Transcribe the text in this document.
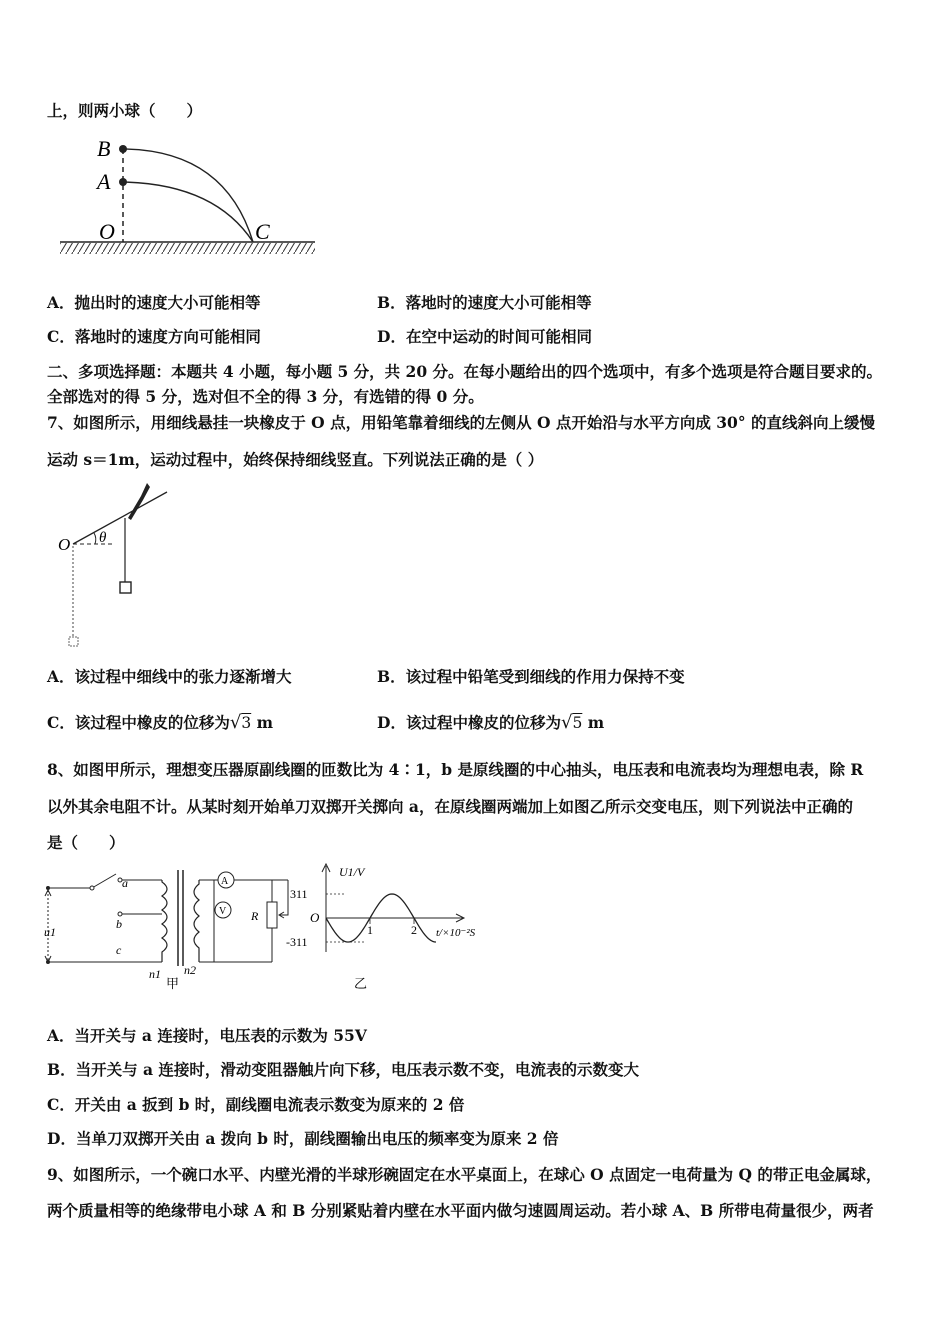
上，则两小球（　　）
B
A
O	C
A．抛出时的速度大小可能相等	B．落地时的速度大小可能相等
C．落地时的速度方向可能相同	D．在空中运动的时间可能相同
二、多项选择题：本题共 4 小题，每小题 5 分，共 20 分。在每小题给出的四个选项中，有多个选项是符合题目要求的。
全部选对的得 5 分，选对但不全的得 3 分，有选错的得 0 分。
7、如图所示，用细线悬挂一块橡皮于 O 点，用铅笔靠着细线的左侧从 O 点开始沿与水平方向成 30° 的直线斜向上缓慢
运动 s＝1m，运动过程中，始终保持细线竖直。下列说法正确的是（ ）
O θ
A．该过程中细线中的张力逐渐增大	B．该过程中铅笔受到细线的作用力保持不变
C．该过程中橡皮的位移为√3 m	D．该过程中橡皮的位移为√5 m
8、如图甲所示，理想变压器原副线圈的匝数比为 4∶1，b 是原线圈的中心抽头，电压表和电流表均为理想电表，除 R
以外其余电阻不计。从某时刻开始单刀双掷开关掷向 a，在原线圈两端加上如图乙所示交变电压，则下列说法中正确的
是（　　）
a
b
c
u1
n1 n2
A
V R
甲
U1/V
311
-311
O
1	2 t/×10⁻²S
乙
A．当开关与 a 连接时，电压表的示数为 55V
B．当开关与 a 连接时，滑动变阻器触片向下移，电压表示数不变，电流表的示数变大
C．开关由 a 扳到 b 时，副线圈电流表示数变为原来的 2 倍
D．当单刀双掷开关由 a 拨向 b 时，副线圈输出电压的频率变为原来 2 倍
9、如图所示，一个碗口水平、内壁光滑的半球形碗固定在水平桌面上，在球心 O 点固定一电荷量为 Q 的带正电金属球，
两个质量相等的绝缘带电小球 A 和 B 分别紧贴着内壁在水平面内做匀速圆周运动。若小球 A、B 所带电荷量很少，两者
